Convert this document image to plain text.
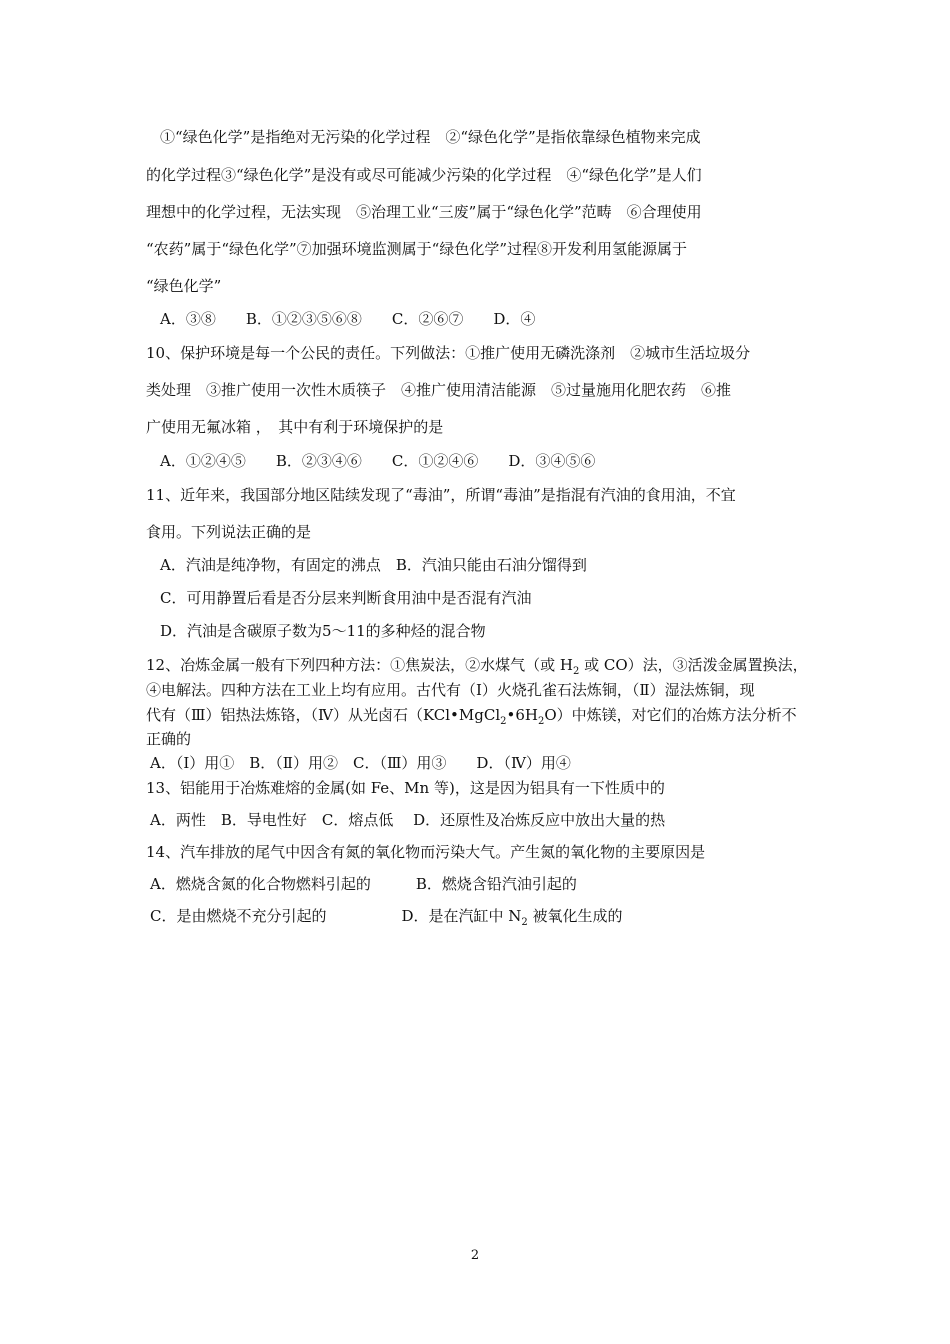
①“绿色化学”是指绝对无污染的化学过程　②“绿色化学”是指依靠绿色植物来完成
的化学过程③“绿色化学”是没有或尽可能减少污染的化学过程　④“绿色化学”是人们
理想中的化学过程，无法实现　⑤治理工业“三废”属于“绿色化学”范畴　⑥合理使用
“农药”属于“绿色化学”⑦加强环境监测属于“绿色化学”过程⑧开发利用氢能源属于
“绿色化学”
A．③⑧　　B．①②③⑤⑥⑧　　C．②⑥⑦　　D．④
10、保护环境是每一个公民的责任。下列做法：①推广使用无磷洗涤剂　②城市生活垃圾分
类处理　③推广使用一次性木质筷子　④推广使用清洁能源　⑤过量施用化肥农药　⑥推
广使用无氟冰箱 ，　其中有利于环境保护的是
A．①②④⑤　　B．②③④⑥　　C．①②④⑥　　D．③④⑤⑥
11、近年来，我国部分地区陆续发现了“毒油”，所谓“毒油”是指混有汽油的食用油，不宜
食用。下列说法正确的是
A．汽油是纯净物，有固定的沸点　B．汽油只能由石油分馏得到
C．可用静置后看是否分层来判断食用油中是否混有汽油
D．汽油是含碳原子数为5～11的多种烃的混合物
12、冶炼金属一般有下列四种方法：①焦炭法，②水煤气（或 $H_2$ 或 CO）法，③活泼金属置换法，
④电解法。四种方法在工业上均有应用。古代有（Ⅰ）火烧孔雀石法炼铜，（Ⅱ）湿法炼铜，现
代有（Ⅲ）铝热法炼铬，（Ⅳ）从光卤石$(KCl•MgCl_2•6H_2O)$中炼镁，对它们的冶炼方法分析不
正确的
A．（Ⅰ）用①　B．（Ⅱ）用②　C．（Ⅲ）用③　　D．（Ⅳ）用④
13、铝能用于冶炼难熔的金属(如 Fe、Mn 等)，这是因为铝具有一下性质中的
A．两性　B．导电性好　C．熔点低　 D．还原性及冶炼反应中放出大量的热
14、汽车排放的尾气中因含有氮的氧化物而污染大气。产生氮的氧化物的主要原因是
A．燃烧含氮的化合物燃料引起的　　　B．燃烧含铅汽油引起的
C．是由燃烧不充分引起的　　　　　D．是在汽缸中 $N_2$ 被氧化生成的
2
